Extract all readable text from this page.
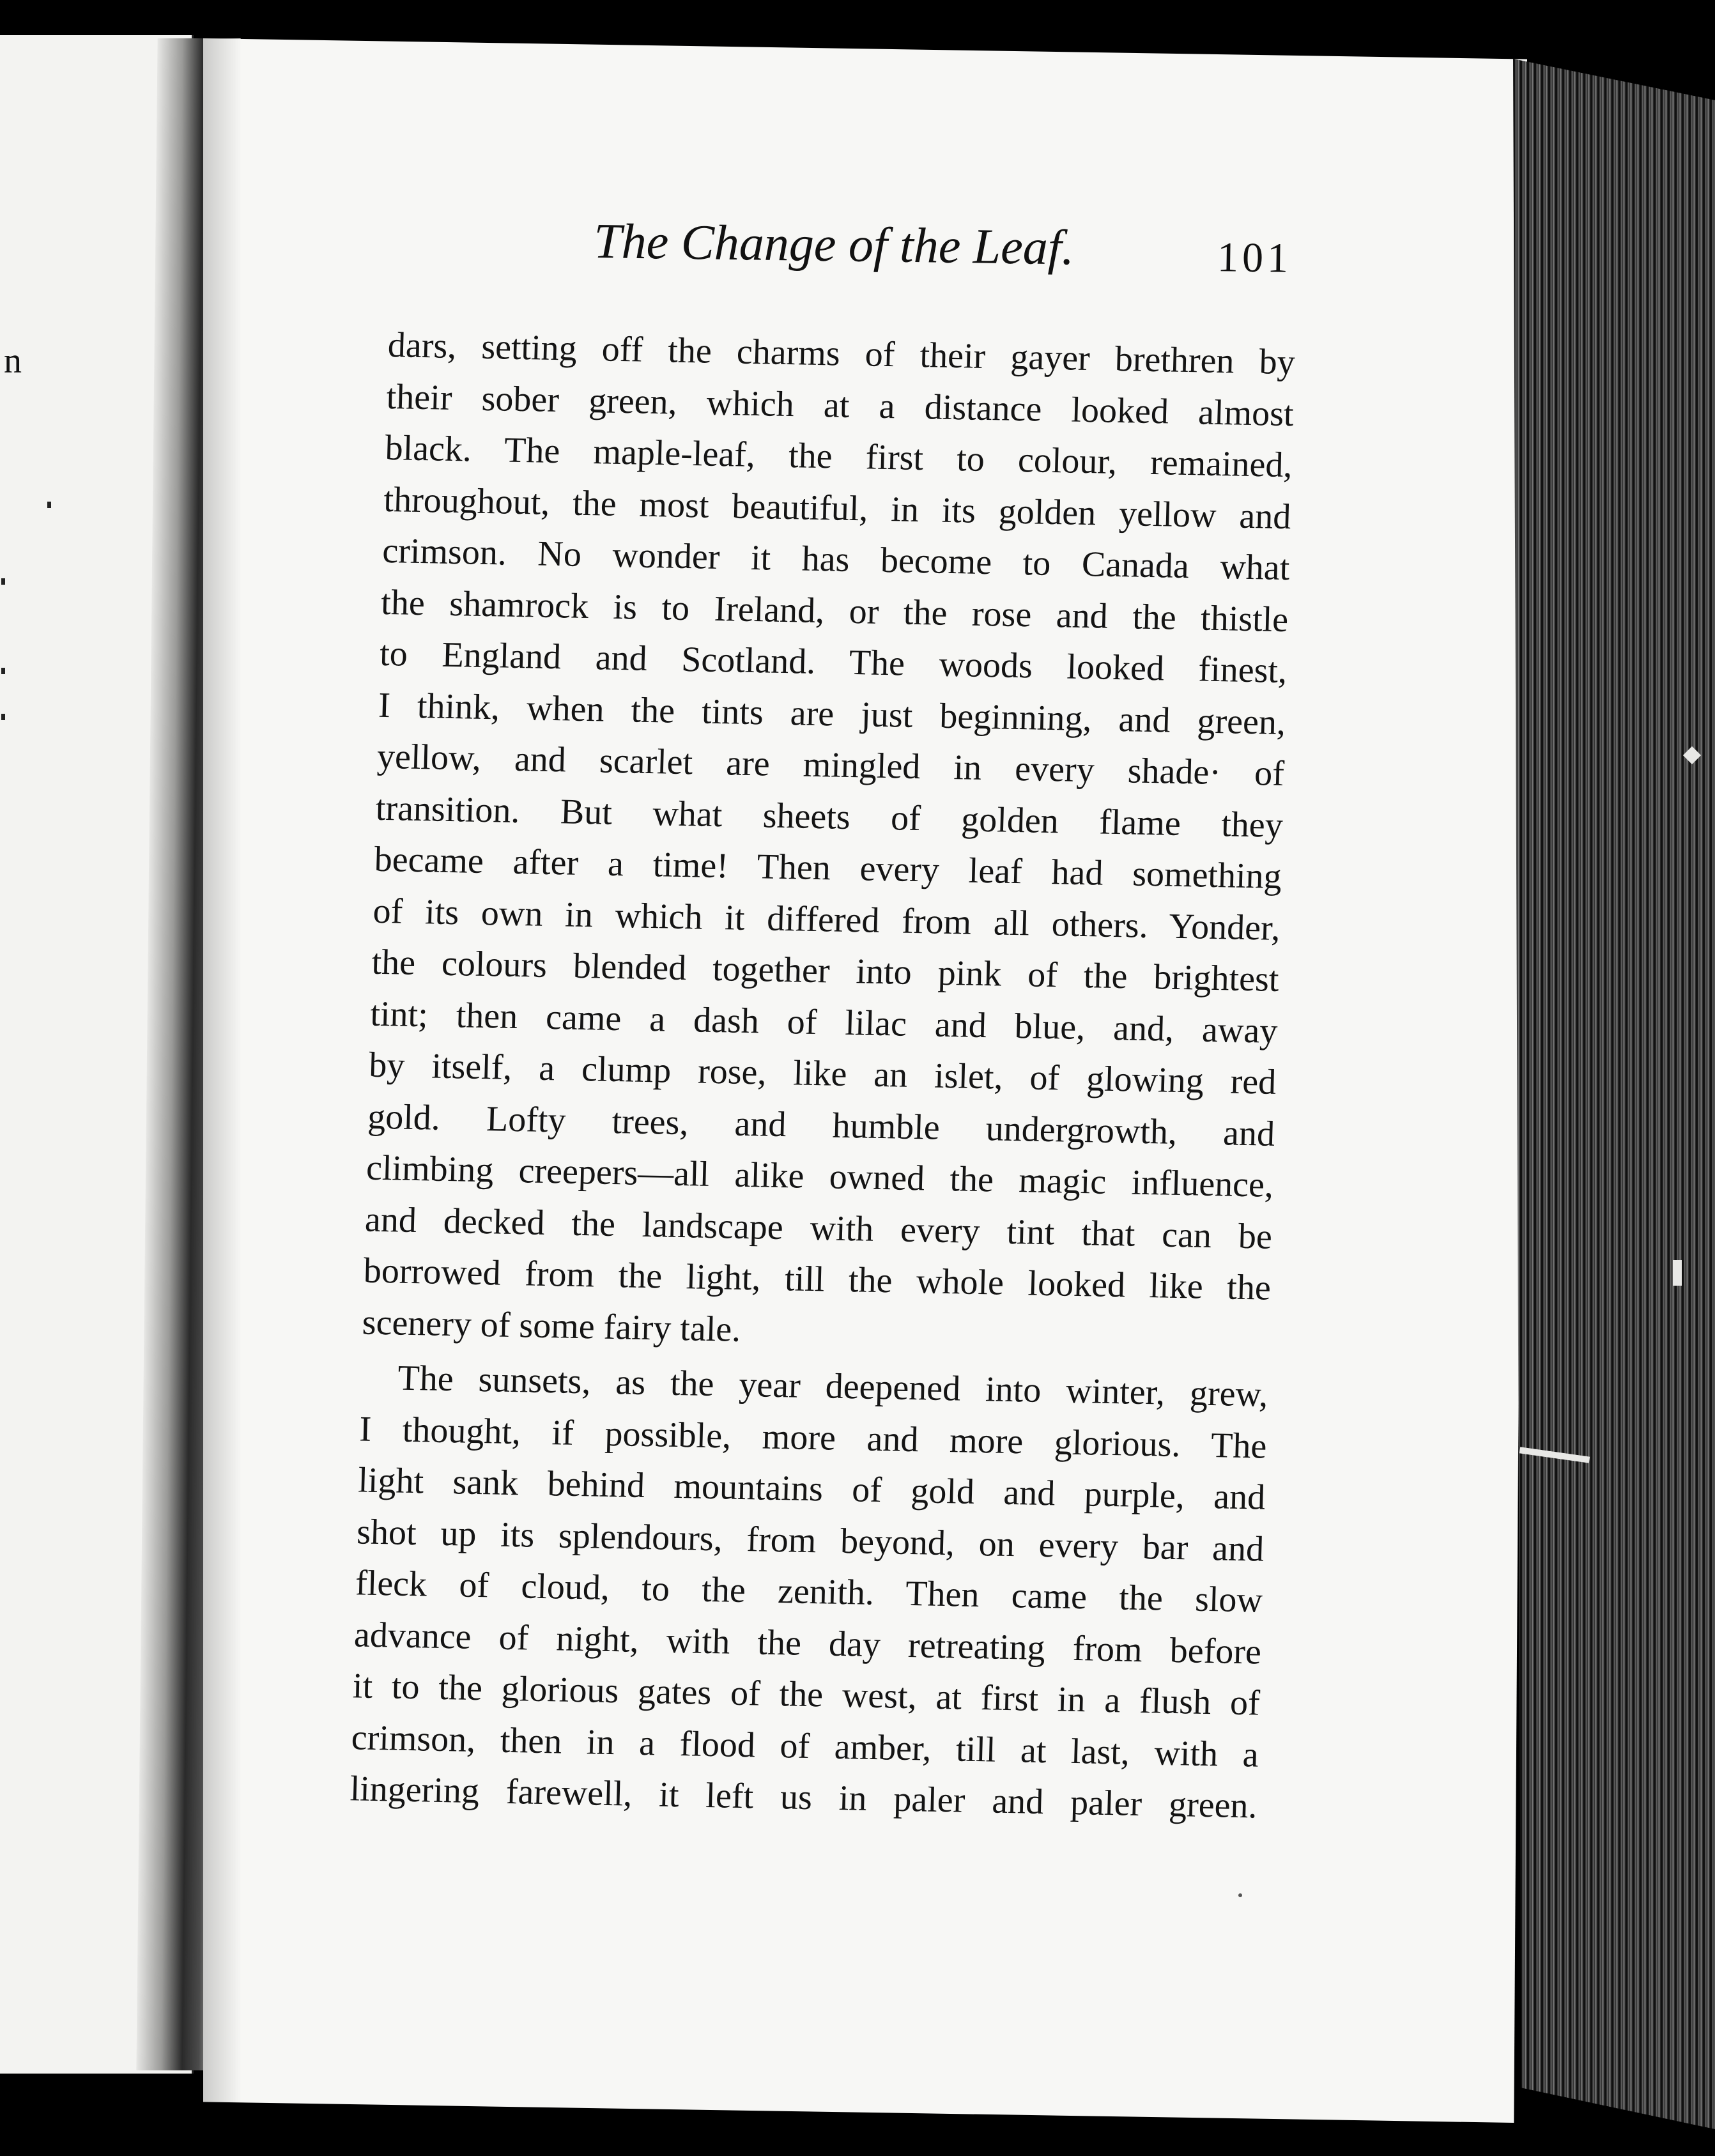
n
The Change of the Leaf.	101
dars, setting off the charms of their gayer brethren by
their sober green, which at a distance looked almost
black. The maple-leaf, the first to colour, remained,
throughout, the most beautiful, in its golden yellow and
crimson. No wonder it has become to Canada what
the shamrock is to Ireland, or the rose and the thistle
to England and Scotland. The woods looked finest,
I think, when the tints are just beginning, and green,
yellow, and scarlet are mingled in every shade· of
transition. But what sheets of golden flame they
became after a time! Then every leaf had something
of its own in which it differed from all others. Yonder,
the colours blended together into pink of the brightest
tint; then came a dash of lilac and blue, and, away
by itself, a clump rose, like an islet, of glowing red
gold. Lofty trees, and humble undergrowth, and
climbing creepers—all alike owned the magic influence,
and decked the landscape with every tint that can be
borrowed from the light, till the whole looked like the
scenery of some fairy tale.
The sunsets, as the year deepened into winter, grew,
I thought, if possible, more and more glorious. The
light sank behind mountains of gold and purple, and
shot up its splendours, from beyond, on every bar and
fleck of cloud, to the zenith. Then came the slow
advance of night, with the day retreating from before
it to the glorious gates of the west, at first in a flush of
crimson, then in a flood of amber, till at last, with a
lingering farewell, it left us in paler and paler green.
